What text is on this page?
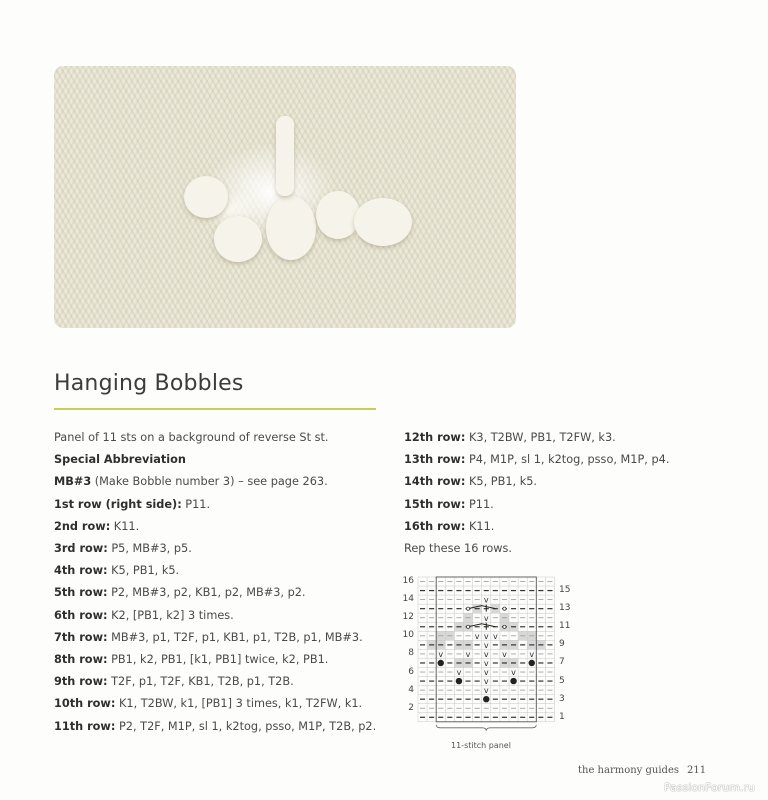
Hanging Bobbles
Panel of 11 sts on a background of reverse St st.
Special Abbreviation
MB#3 (Make Bobble number 3) – see page 263.
1st row (right side): P11.
2nd row: K11.
3rd row: P5, MB#3, p5.
4th row: K5, PB1, k5.
5th row: P2, MB#3, p2, KB1, p2, MB#3, p2.
6th row: K2, [PB1, k2] 3 times.
7th row: MB#3, p1, T2F, p1, KB1, p1, T2B, p1, MB#3.
8th row: PB1, k2, PB1, [k1, PB1] twice, k2, PB1.
9th row: T2F, p1, T2F, KB1, T2B, p1, T2B.
10th row: K1, T2BW, k1, [PB1] 3 times, k1, T2FW, k1.
11th row: P2, T2F, M1P, sl 1, k2tog, psso, M1P, T2B, p2.
12th row: K3, T2BW, PB1, T2FW, k3.
13th row: P4, M1P, sl 1, k2tog, psso, M1P, p4.
14th row: K5, PB1, k5.
15th row: P11.
16th row: K11.
Rep these 16 rows.
v
v
v	v	v
v
v	v v v	v
v
v v v
v
v
16
14
12
10
8
6
4
2
15
13
11
9
7
5
3
1
11-stitch panel
the harmony guides 211
PassionForum.ru
